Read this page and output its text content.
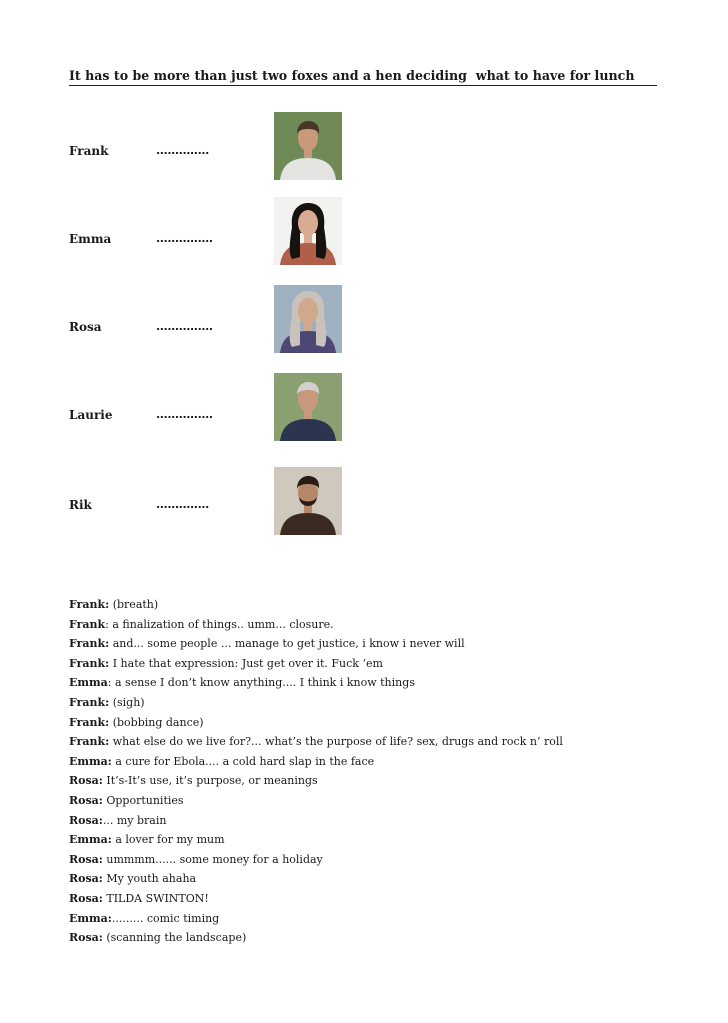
It has to be more than just two foxes and a hen deciding  what to have for lunch
Frank	..............
Emma	...............
Rosa	...............
Laurie	...............
Rik	..............
Frank: (breath)
Frank: a finalization of things.. umm... closure.
Frank: and... some people ... manage to get justice, i know i never will
Frank: I hate that expression: Just get over it. Fuck ‘em
Emma: a sense I don’t know anything.... I think i know things
Frank: (sigh)
Frank: (bobbing dance)
Frank: what else do we live for?... what’s the purpose of life? sex, drugs and rock n’ roll
Emma: a cure for Ebola.... a cold hard slap in the face
Rosa: It’s-It’s use, it’s purpose, or meanings
Rosa: Opportunities
Rosa:... my brain
Emma: a lover for my mum
Rosa: ummmm...... some money for a holiday
Rosa: My youth ahaha
Rosa: TILDA SWINTON!
Emma:......... comic timing
Rosa: (scanning the landscape)
